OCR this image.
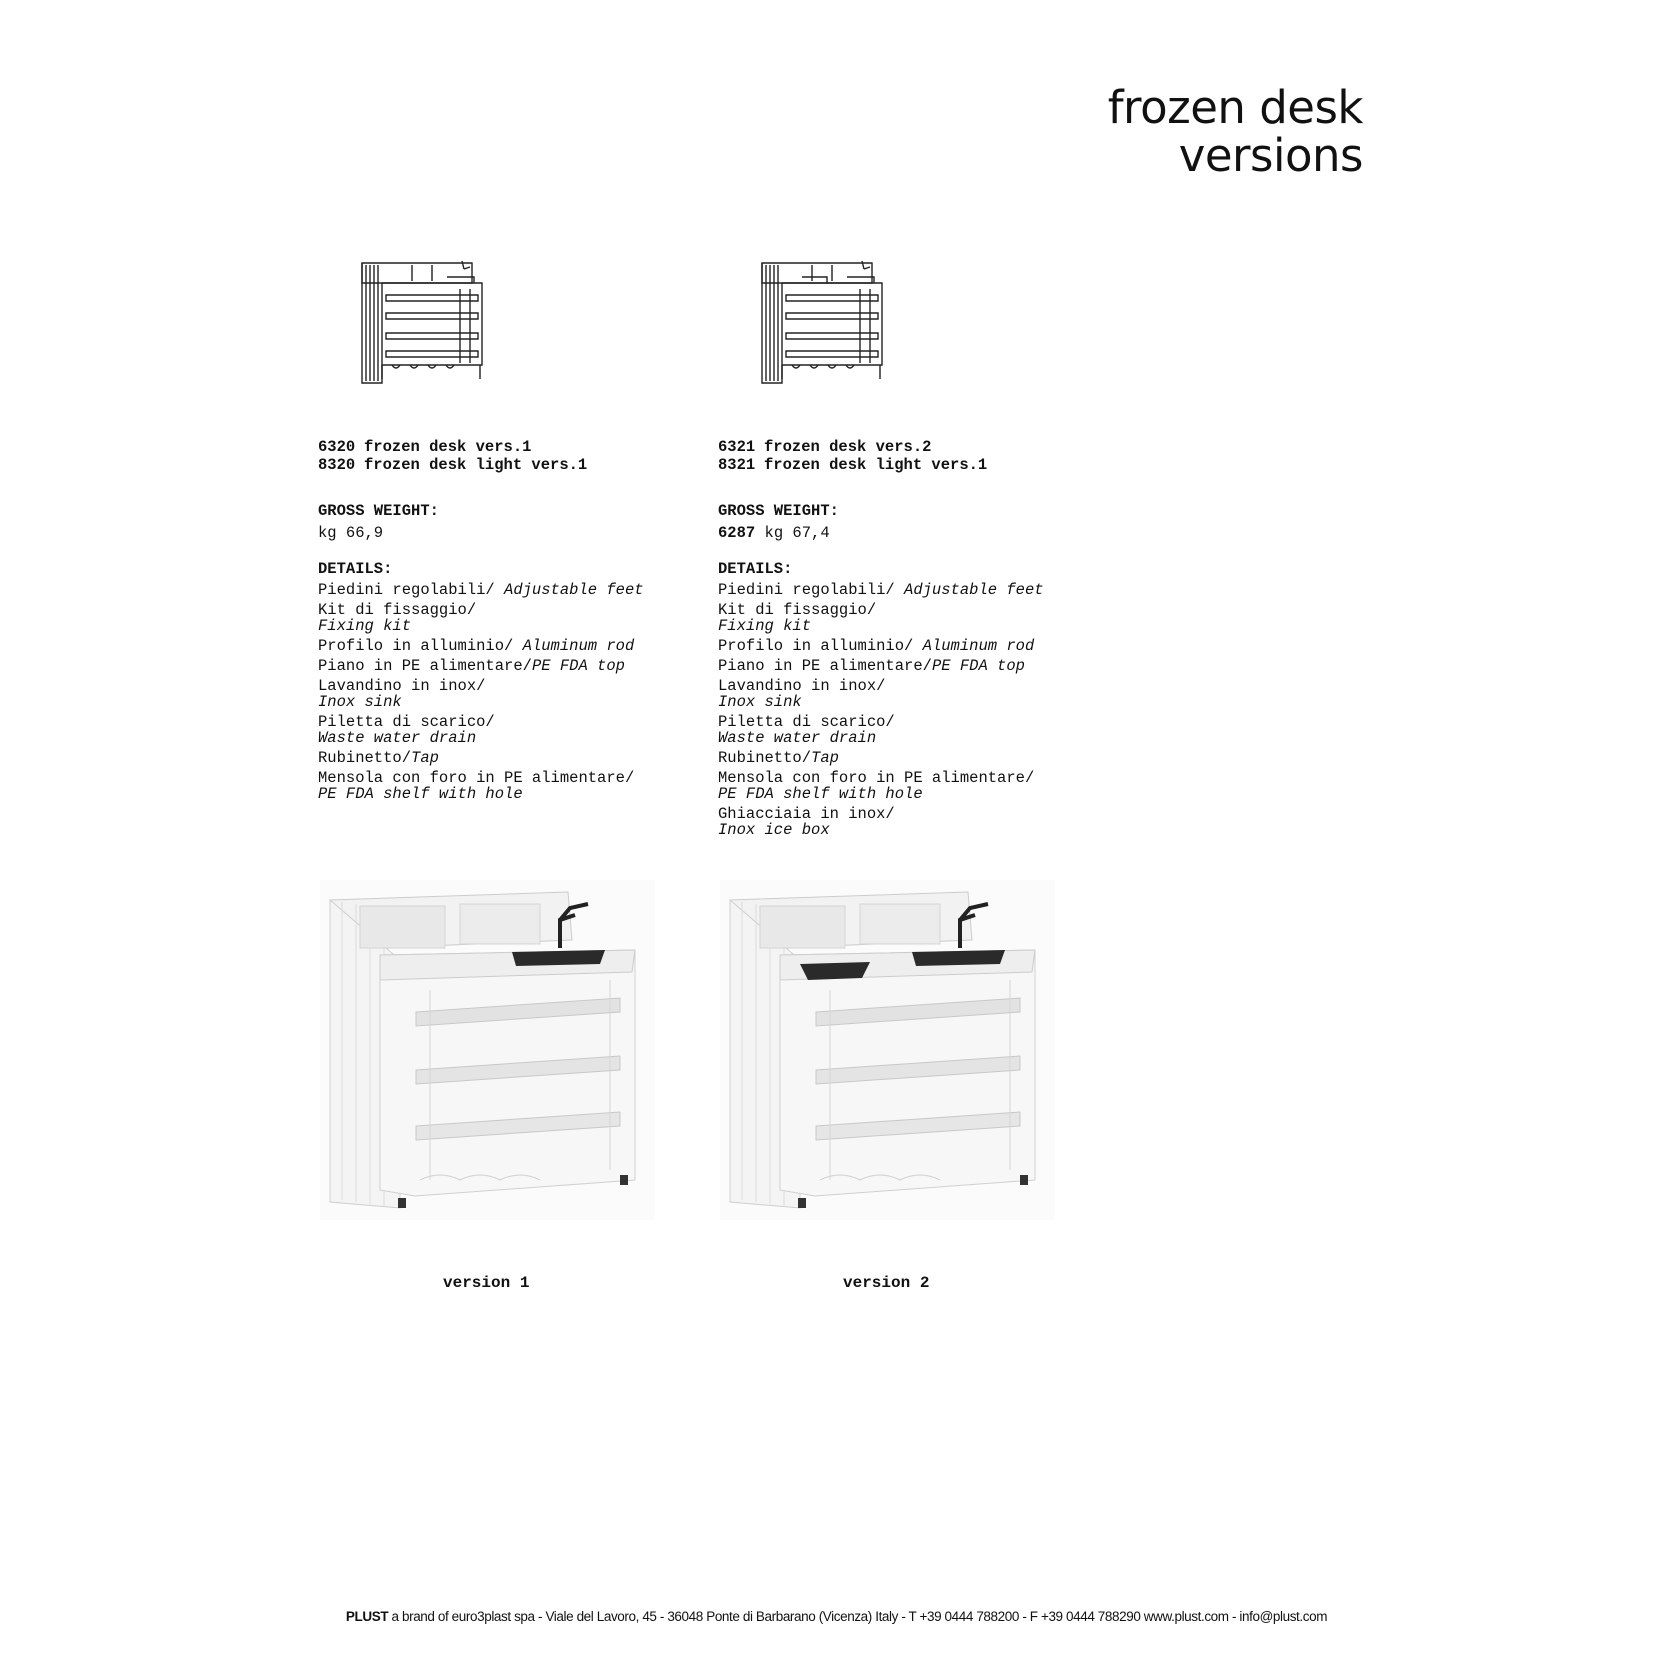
frozen desk
versions
6320 frozen desk vers.1
8320 frozen desk light vers.1
GROSS WEIGHT:
kg 66,9
DETAILS:
Piedini regolabili/ Adjustable feet
Kit di fissaggio/
Fixing kit
Profilo in alluminio/ Aluminum rod
Piano in PE alimentare/PE FDA top
Lavandino in inox/
Inox sink
Piletta di scarico/
Waste water drain
Rubinetto/Tap
Mensola con foro in PE alimentare/
PE FDA shelf with hole
6321 frozen desk vers.2
8321 frozen desk light vers.1
GROSS WEIGHT:
6287 kg 67,4
DETAILS:
Piedini regolabili/ Adjustable feet
Kit di fissaggio/
Fixing kit
Profilo in alluminio/ Aluminum rod
Piano in PE alimentare/PE FDA top
Lavandino in inox/
Inox sink
Piletta di scarico/
Waste water drain
Rubinetto/Tap
Mensola con foro in PE alimentare/
PE FDA shelf with hole
Ghiacciaia in inox/
Inox ice box
version 1	version 2
PLUST a brand of euro3plast spa - Viale del Lavoro, 45 - 36048 Ponte di Barbarano (Vicenza) Italy - T +39 0444 788200 - F +39 0444 788290 www.plust.com - info@plust.com
